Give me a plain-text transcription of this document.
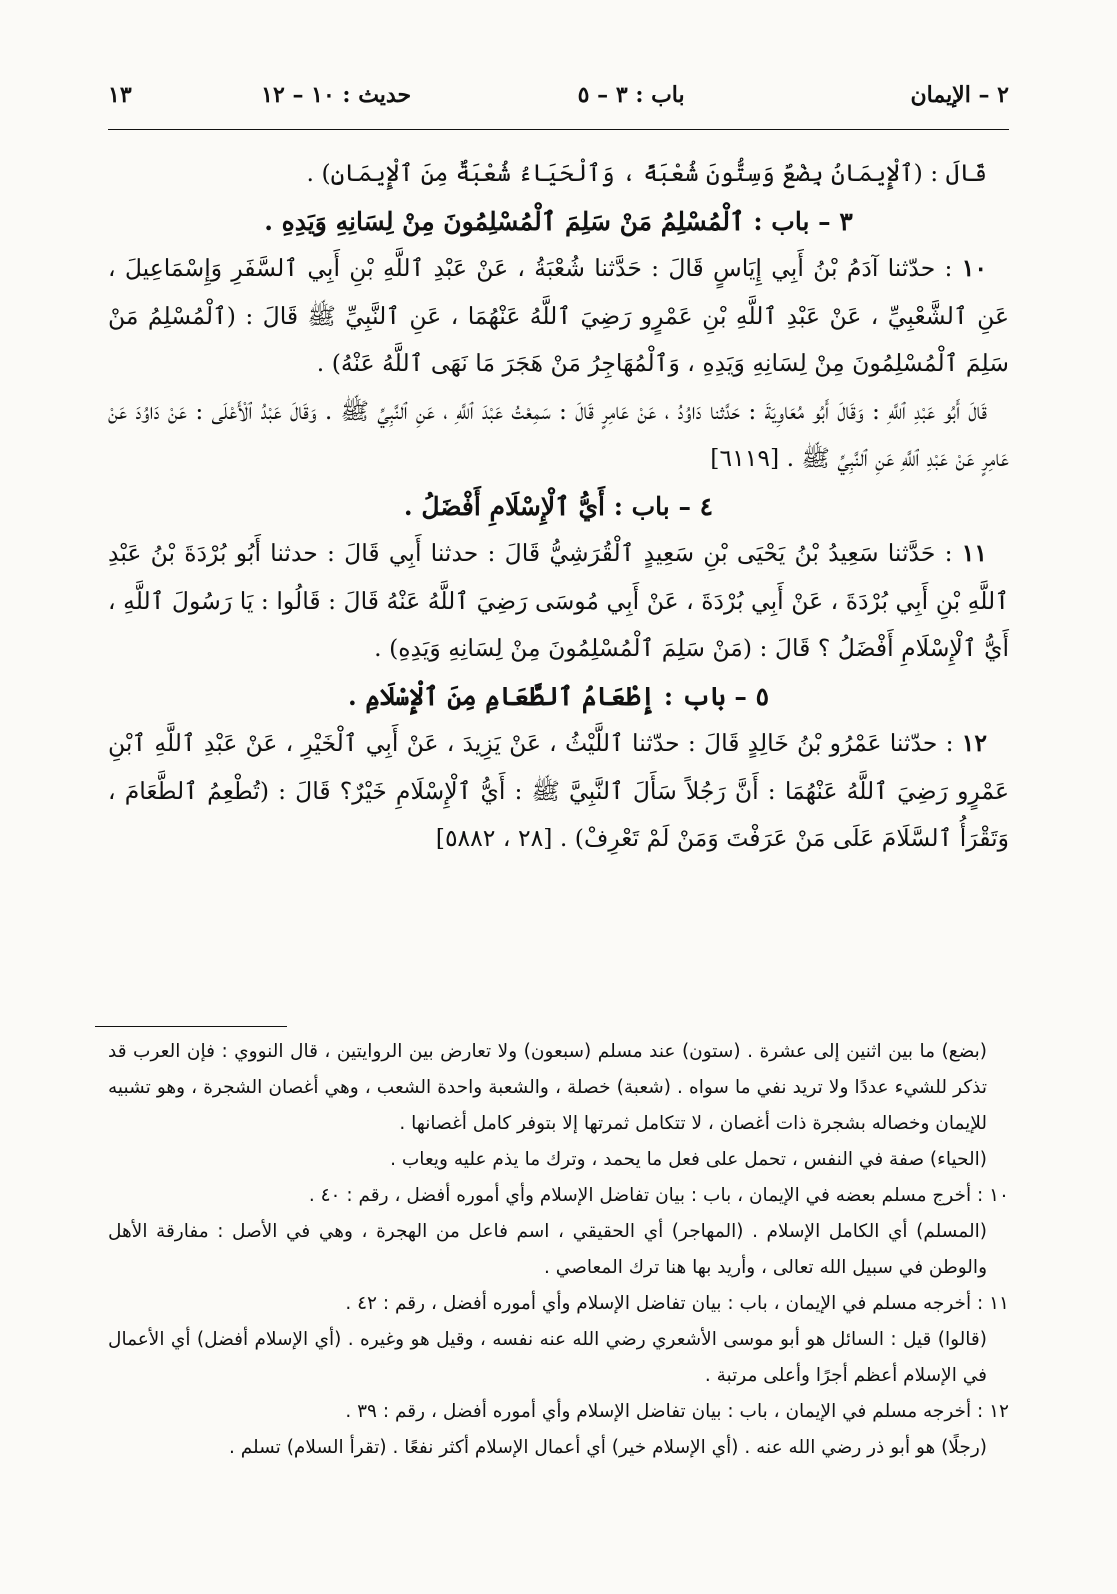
٢ – الإيمان
باب : ٣ – ٥
حديث : ١٠ – ١٢
١٣

قَالَ : (ٱلْإِيمَانُ بِضْعٌ وَسِتُّونَ شُعْبَةً ، وَٱلْحَيَاءُ شُعْبَةٌ مِنَ ٱلْإِيمَانِ) .

٣ – باب : ٱلْمُسْلِمُ مَنْ سَلِمَ ٱلْمُسْلِمُونَ مِنْ لِسَانِهِ وَيَدِهِ .

١٠ : حدّثنا آدَمُ بْنُ أَبِي إِيَاسٍ قَالَ : حَدَّثنا شُعْبَةُ ، عَنْ عَبْدِ ٱللَّهِ بْنِ أَبِي ٱلسَّفَرِ وَإِسْمَاعِيلَ ، عَنِ ٱلشَّعْبِيِّ ، عَنْ عَبْدِ ٱللَّهِ بْنِ عَمْرٍو رَضِيَ ٱللَّهُ عَنْهُمَا ، عَنِ ٱلنَّبِيِّ ﷺ قَالَ : (ٱلْمُسْلِمُ مَنْ سَلِمَ ٱلْمُسْلِمُونَ مِنْ لِسَانِهِ وَيَدِهِ ، وَٱلْمُهَاجِرُ مَنْ هَجَرَ مَا نَهَى ٱللَّهُ عَنْهُ) .

قَالَ أَبُو عَبْدِ ٱللَّهِ : وَقَالَ أَبُو مُعَاوِيَةَ : حَدَّثنا دَاوُدُ ، عَنْ عَامِرٍ قَالَ : سَمِعْتُ عَبْدَ ٱللَّهِ ، عَنِ ٱلنَّبِيِّ ﷺ . وَقَالَ عَبْدُ ٱلْأَعْلَى : عَنْ دَاوُدَ عَنْ عَامِرٍ عَنْ عَبْدِ ٱللَّهِ عَنِ ٱلنَّبِيِّ ﷺ . [٦١١٩]

٤ – باب : أَيُّ ٱلْإِسْلَامِ أَفْضَلُ .

١١ : حَدَّثنا سَعِيدُ بْنُ يَحْيَى بْنِ سَعِيدٍ ٱلْقُرَشِيُّ قَالَ : حدثنا أَبِي قَالَ : حدثنا أَبُو بُرْدَةَ بْنُ عَبْدِ ٱللَّهِ بْنِ أَبِي بُرْدَةَ ، عَنْ أَبِي بُرْدَةَ ، عَنْ أَبِي مُوسَى رَضِيَ ٱللَّهُ عَنْهُ قَالَ : قَالُوا : يَا رَسُولَ ٱللَّهِ ، أَيُّ ٱلْإِسْلَامِ أَفْضَلُ ؟ قَالَ : (مَنْ سَلِمَ ٱلْمُسْلِمُونَ مِنْ لِسَانِهِ وَيَدِهِ) .

٥ – باب : إِطْعَامُ ٱلطَّعَامِ مِنَ ٱلْإِسْلَامِ .

١٢ : حدّثنا عَمْرُو بْنُ خَالِدٍ قَالَ : حدّثنا ٱللَّيْثُ ، عَنْ يَزِيدَ ، عَنْ أَبِي ٱلْخَيْرِ ، عَنْ عَبْدِ ٱللَّهِ ٱبْنِ عَمْرٍو رَضِيَ ٱللَّهُ عَنْهُمَا : أَنَّ رَجُلاً سَأَلَ ٱلنَّبِيَّ ﷺ : أَيُّ ٱلْإِسْلَامِ خَيْرٌ؟ قَالَ : (تُطْعِمُ ٱلطَّعَامَ ، وَتَقْرَأُ ٱلسَّلَامَ عَلَى مَنْ عَرَفْتَ وَمَنْ لَمْ تَعْرِفْ) . [٢٨ ، ٥٨٨٢]

(بضع) ما بين اثنين إلى عشرة . (ستون) عند مسلم (سبعون) ولا تعارض بين الروايتين ، قال النووي : فإن العرب قد تذكر للشيء عددًا ولا تريد نفي ما سواه . (شعبة) خصلة ، والشعبة واحدة الشعب ، وهي أغصان الشجرة ، وهو تشبيه للإيمان وخصاله بشجرة ذات أغصان ، لا تتكامل ثمرتها إلا بتوفر كامل أغصانها .

(الحياء) صفة في النفس ، تحمل على فعل ما يحمد ، وترك ما يذم عليه ويعاب .

١٠ : أخرج مسلم بعضه في الإيمان ، باب : بيان تفاضل الإسلام وأي أموره أفضل ، رقم : ٤٠ .

(المسلم) أي الكامل الإسلام . (المهاجر) أي الحقيقي ، اسم فاعل من الهجرة ، وهي في الأصل : مفارقة الأهل والوطن في سبيل الله تعالى ، وأريد بها هنا ترك المعاصي .

١١ : أخرجه مسلم في الإيمان ، باب : بيان تفاضل الإسلام وأي أموره أفضل ، رقم : ٤٢ .

(قالوا) قيل : السائل هو أبو موسى الأشعري رضي الله عنه نفسه ، وقيل هو وغيره . (أي الإسلام أفضل) أي الأعمال في الإسلام أعظم أجرًا وأعلى مرتبة .

١٢ : أخرجه مسلم في الإيمان ، باب : بيان تفاضل الإسلام وأي أموره أفضل ، رقم : ٣٩ .

(رجلًا) هو أبو ذر رضي الله عنه . (أي الإسلام خير) أي أعمال الإسلام أكثر نفعًا . (تقرأ السلام) تسلم .
